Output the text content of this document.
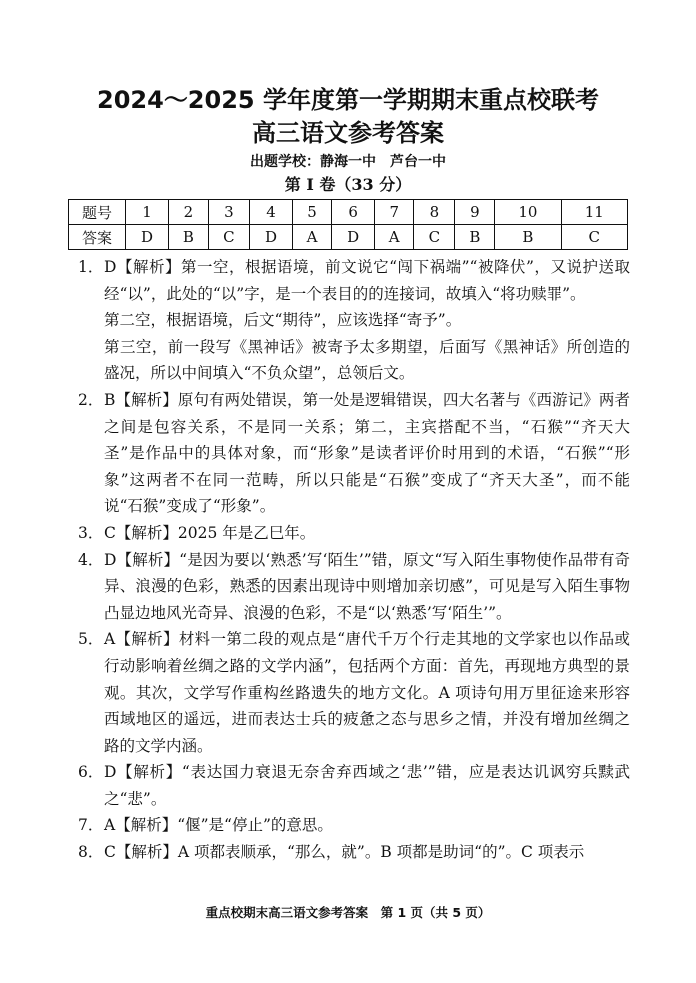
2024～2025 学年度第一学期期末重点校联考
高三语文参考答案
出题学校：静海一中　芦台一中
第 Ⅰ 卷（33 分）
题号	1	2	3	4	5	6	7	8	9	10	11
答案	D	B	C	D	A	D	A	C	B	B	C
1． D【解析】第一空，根据语境，前文说它“闯下祸端”“被降伏”，又说护送取经“以”，此处的“以”字，是一个表目的的连接词，故填入“将功赎罪”。
第二空，根据语境，后文“期待”，应该选择“寄予”。
第三空，前一段写《黑神话》被寄予太多期望，后面写《黑神话》所创造的盛况，所以中间填入“不负众望”，总领后文。
2． B【解析】原句有两处错误，第一处是逻辑错误，四大名著与《西游记》两者之间是包容关系，不是同一关系；第二，主宾搭配不当，“石猴”“齐天大圣”是作品中的具体对象，而“形象”是读者评价时用到的术语，“石猴”“形象”这两者不在同一范畴，所以只能是“石猴”变成了“齐天大圣”，而不能说“石猴”变成了“形象”。
3． C【解析】2025 年是乙巳年。
4． D【解析】“是因为要以‘熟悉’写‘陌生’”错，原文“写入陌生事物使作品带有奇异、浪漫的色彩，熟悉的因素出现诗中则增加亲切感”，可见是写入陌生事物凸显边地风光奇异、浪漫的色彩，不是“以‘熟悉’写‘陌生’”。
5． A【解析】材料一第二段的观点是“唐代千万个行走其地的文学家也以作品或行动影响着丝绸之路的文学内涵”，包括两个方面：首先，再现地方典型的景观。其次，文学写作重构丝路遗失的地方文化。A 项诗句用万里征途来形容西域地区的遥远，进而表达士兵的疲惫之态与思乡之情，并没有增加丝绸之路的文学内涵。
6． D【解析】“表达国力衰退无奈舍弃西域之‘悲’”错，应是表达讥讽穷兵黩武之“悲”。
7． A【解析】“偃”是“停止”的意思。
8． C【解析】A 项都表顺承，“那么，就”。B 项都是助词“的”。C 项表示
重点校期末高三语文参考答案　第 1 页（共 5 页）
